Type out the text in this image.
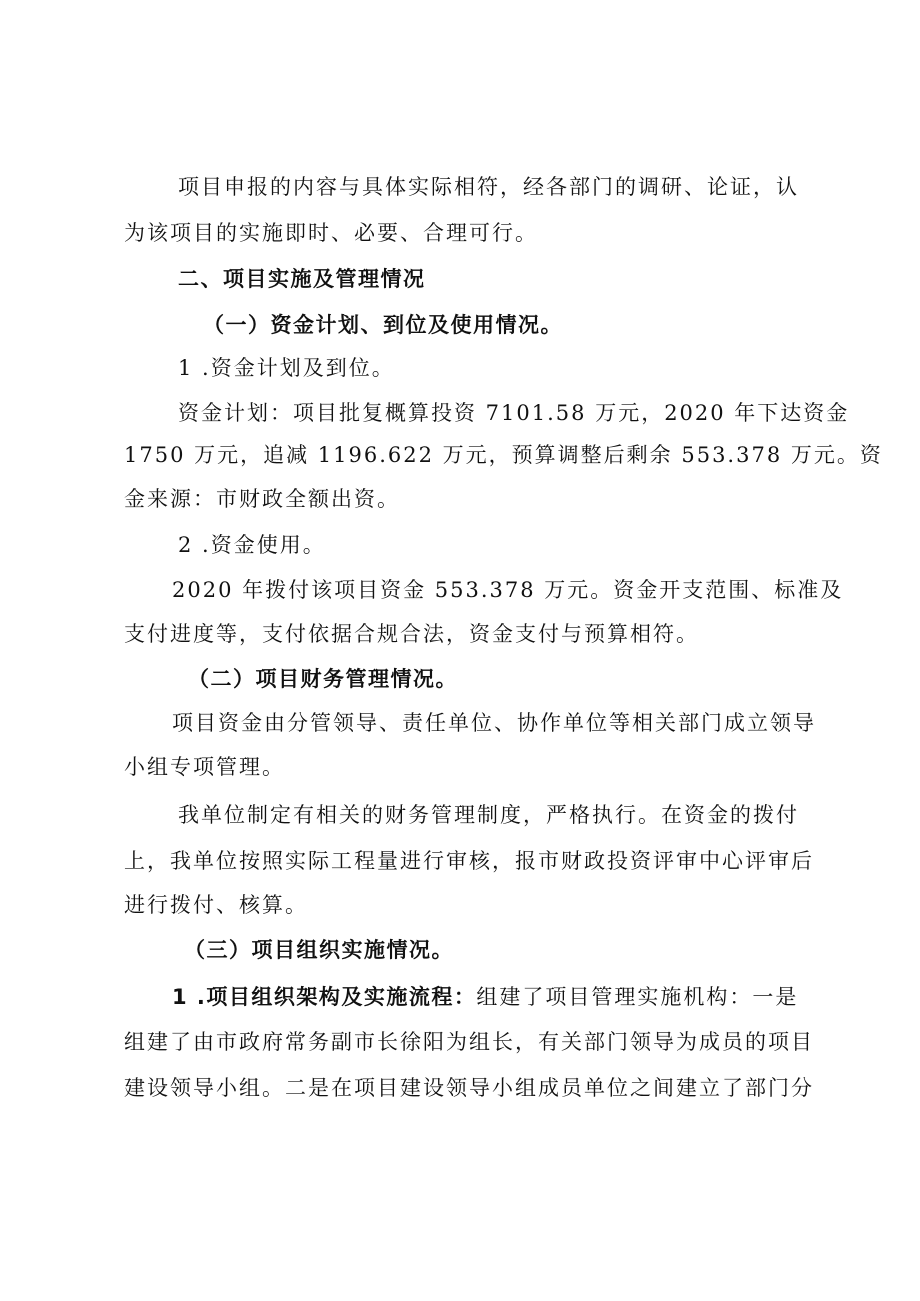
项目申报的内容与具体实际相符，经各部门的调研、论证，认
为该项目的实施即时、必要、合理可行。
二、项目实施及管理情况
（一）资金计划、到位及使用情况。
1 .资金计划及到位。
资金计划：项目批复概算投资 7101.58 万元，2020 年下达资金
1750 万元，追减 1196.622 万元，预算调整后剩余 553.378 万元。资
金来源：市财政全额出资。
2 .资金使用。
2020 年拨付该项目资金 553.378 万元。资金开支范围、标准及
支付进度等，支付依据合规合法，资金支付与预算相符。
（二）项目财务管理情况。
项目资金由分管领导、责任单位、协作单位等相关部门成立领导
小组专项管理。
我单位制定有相关的财务管理制度，严格执行。在资金的拨付
上，我单位按照实际工程量进行审核，报市财政投资评审中心评审后
进行拨付、核算。
（三）项目组织实施情况。
1 .项目组织架构及实施流程：组建了项目管理实施机构：一是
组建了由市政府常务副市长徐阳为组长，有关部门领导为成员的项目
建设领导小组。二是在项目建设领导小组成员单位之间建立了部门分
